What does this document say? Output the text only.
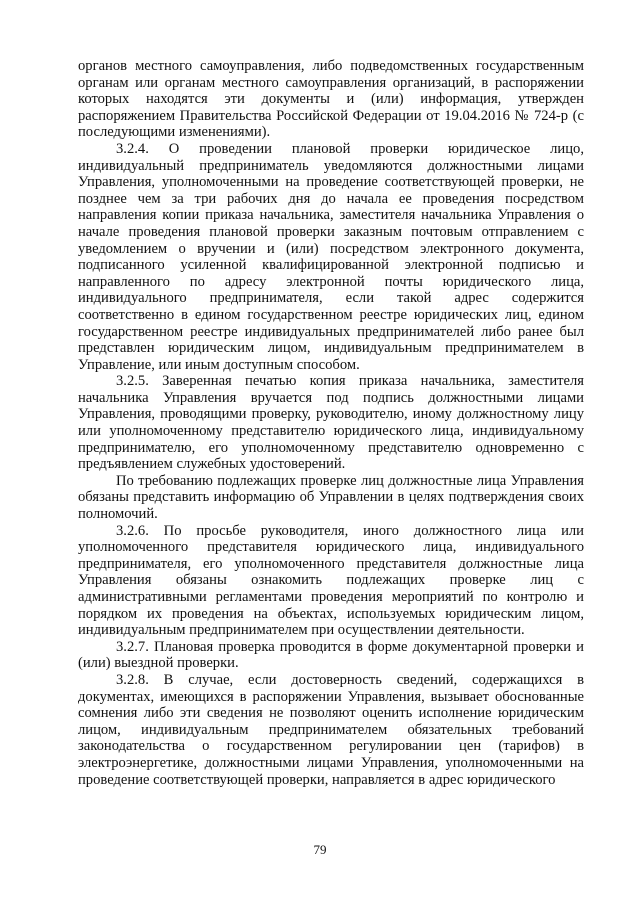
органов местного самоуправления, либо подведомственных государственным органам или органам местного самоуправления организаций, в распоряжении которых находятся эти документы и (или) информация, утвержден распоряжением Правительства Российской Федерации от 19.04.2016 № 724-р (с последующими изменениями).

3.2.4. О проведении плановой проверки юридическое лицо, индивидуальный предприниматель уведомляются должностными лицами Управления, уполномоченными на проведение соответствующей проверки, не позднее чем за три рабочих дня до начала ее проведения посредством направления копии приказа начальника, заместителя начальника Управления о начале проведения плановой проверки заказным почтовым отправлением с уведомлением о вручении и (или) посредством электронного документа, подписанного усиленной квалифицированной электронной подписью и направленного по адресу электронной почты юридического лица, индивидуального предпринимателя, если такой адрес содержится соответственно в едином государственном реестре юридических лиц, едином государственном реестре индивидуальных предпринимателей либо ранее был представлен юридическим лицом, индивидуальным предпринимателем в Управление, или иным доступным способом.

3.2.5. Заверенная печатью копия приказа начальника, заместителя начальника Управления вручается под подпись должностными лицами Управления, проводящими проверку, руководителю, иному должностному лицу или уполномоченному представителю юридического лица, индивидуальному предпринимателю, его уполномоченному представителю одновременно с предъявлением служебных удостоверений.

По требованию подлежащих проверке лиц должностные лица Управления обязаны представить информацию об Управлении в целях подтверждения своих полномочий.

3.2.6. По просьбе руководителя, иного должностного лица или уполномоченного представителя юридического лица, индивидуального предпринимателя, его уполномоченного представителя должностные лица Управления обязаны ознакомить подлежащих проверке лиц с административными регламентами проведения мероприятий по контролю и порядком их проведения на объектах, используемых юридическим лицом, индивидуальным предпринимателем при осуществлении деятельности.

3.2.7. Плановая проверка проводится в форме документарной проверки и (или) выездной проверки.

3.2.8. В случае, если достоверность сведений, содержащихся в документах, имеющихся в распоряжении Управления, вызывает обоснованные сомнения либо эти сведения не позволяют оценить исполнение юридическим лицом, индивидуальным предпринимателем обязательных требований законодательства о государственном регулировании цен (тарифов) в электроэнергетике, должностными лицами Управления, уполномоченными на проведение соответствующей проверки, направляется в адрес юридического

79
